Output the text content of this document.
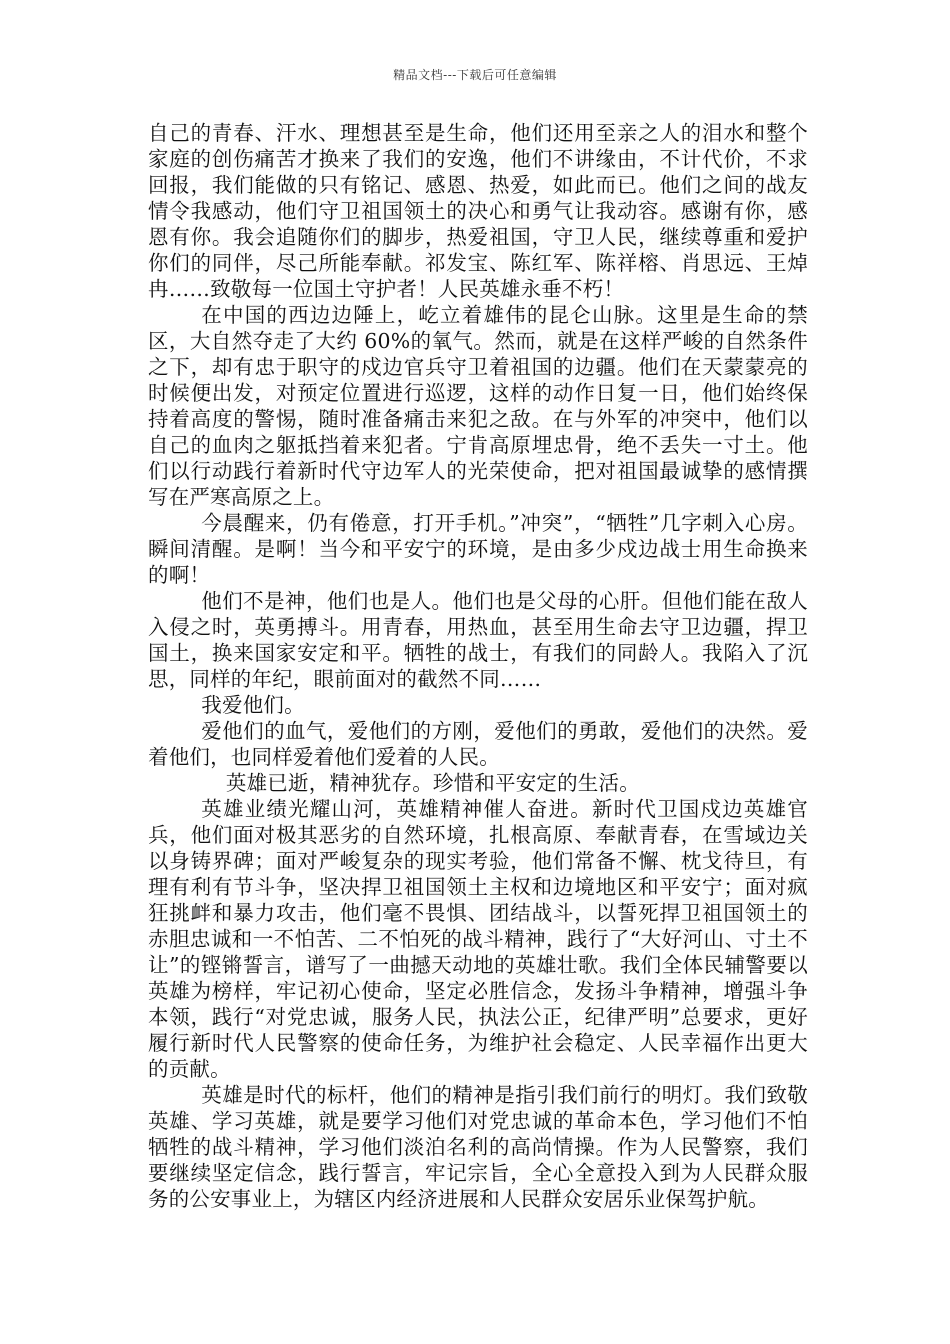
精品文档---下载后可任意编辑

自己的青春、汗水、理想甚至是生命，他们还用至亲之人的泪水和整个家庭的创伤痛苦才换来了我们的安逸，他们不讲缘由，不计代价，不求回报，我们能做的只有铭记、感恩、热爱，如此而已。他们之间的战友情令我感动，他们守卫祖国领土的决心和勇气让我动容。感谢有你，感恩有你。我会追随你们的脚步，热爱祖国，守卫人民，继续尊重和爱护你们的同伴，尽己所能奉献。祁发宝、陈红军、陈祥榕、肖思远、王焯冉……致敬每一位国土守护者！人民英雄永垂不朽！

在中国的西边边陲上，屹立着雄伟的昆仑山脉。这里是生命的禁区，大自然夺走了大约 60%的氧气。然而，就是在这样严峻的自然条件之下，却有忠于职守的戍边官兵守卫着祖国的边疆。他们在天蒙蒙亮的时候便出发，对预定位置进行巡逻，这样的动作日复一日，他们始终保持着高度的警惕，随时准备痛击来犯之敌。在与外军的冲突中，他们以自己的血肉之躯抵挡着来犯者。宁肯高原埋忠骨，绝不丢失一寸土。他们以行动践行着新时代守边军人的光荣使命，把对祖国最诚挚的感情撰写在严寒高原之上。

今晨醒来，仍有倦意，打开手机。”冲突”，“牺牲”几字刺入心房。瞬间清醒。是啊！当今和平安宁的环境，是由多少戍边战士用生命换来的啊！

他们不是神，他们也是人。他们也是父母的心肝。但他们能在敌人入侵之时，英勇搏斗。用青春，用热血，甚至用生命去守卫边疆，捍卫国土，换来国家安定和平。牺牲的战士，有我们的同龄人。我陷入了沉思，同样的年纪，眼前面对的截然不同……

我爱他们。

爱他们的血气，爱他们的方刚，爱他们的勇敢，爱他们的决然。爱着他们，也同样爱着他们爱着的人民。

英雄已逝，精神犹存。珍惜和平安定的生活。

英雄业绩光耀山河，英雄精神催人奋进。新时代卫国戍边英雄官兵，他们面对极其恶劣的自然环境，扎根高原、奉献青春，在雪域边关以身铸界碑；面对严峻复杂的现实考验，他们常备不懈、枕戈待旦，有理有利有节斗争，坚决捍卫祖国领土主权和边境地区和平安宁；面对疯狂挑衅和暴力攻击，他们毫不畏惧、团结战斗，以誓死捍卫祖国领土的赤胆忠诚和一不怕苦、二不怕死的战斗精神，践行了“大好河山、寸土不让”的铿锵誓言，谱写了一曲撼天动地的英雄壮歌。我们全体民辅警要以英雄为榜样，牢记初心使命，坚定必胜信念，发扬斗争精神，增强斗争本领，践行“对党忠诚，服务人民，执法公正，纪律严明”总要求，更好履行新时代人民警察的使命任务，为维护社会稳定、人民幸福作出更大的贡献。

英雄是时代的标杆，他们的精神是指引我们前行的明灯。我们致敬英雄、学习英雄，就是要学习他们对党忠诚的革命本色，学习他们不怕牺牲的战斗精神，学习他们淡泊名利的高尚情操。作为人民警察，我们要继续坚定信念，践行誓言，牢记宗旨，全心全意投入到为人民群众服务的公安事业上，为辖区内经济进展和人民群众安居乐业保驾护航。
